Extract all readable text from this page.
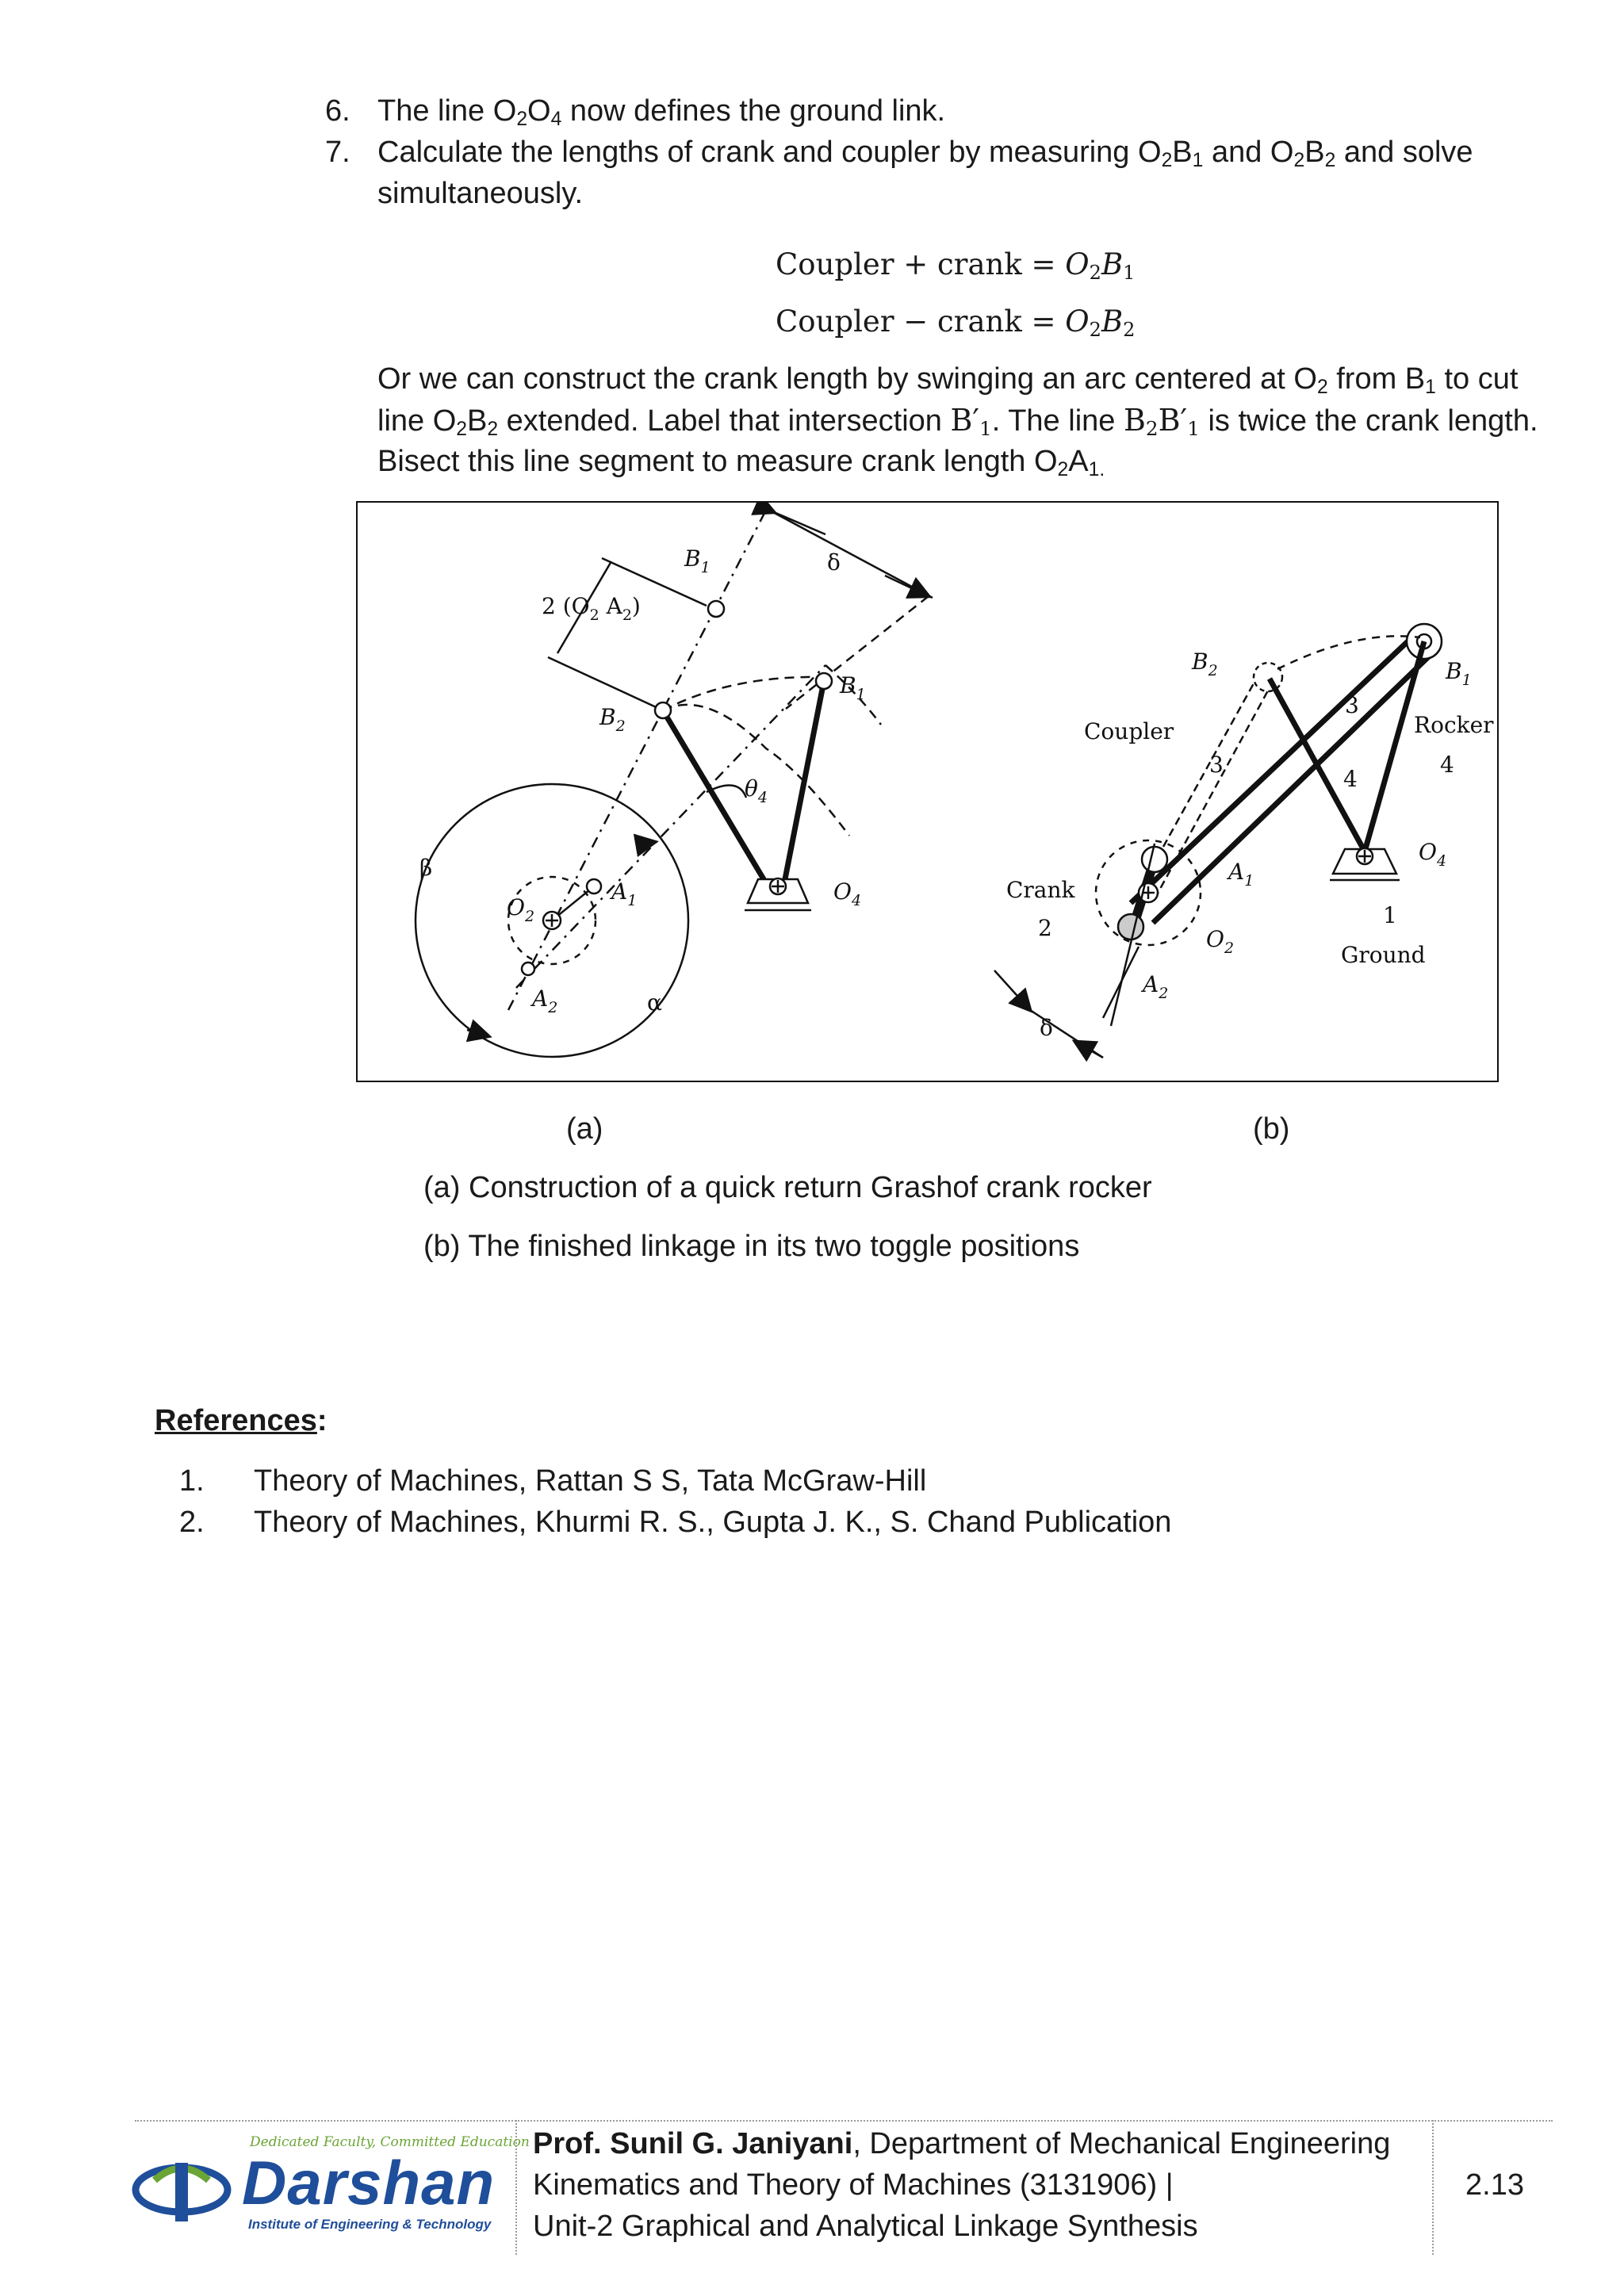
6. The line $O_2O_4$ now defines the ground link.
7. Calculate the lengths of crank and coupler by measuring $O_2B_1$ and $O_2B_2$ and solve
simultaneously.
Coupler + crank = $O_2B_1$
Coupler − crank = $O_2B_2$
Or we can construct the crank length by swinging an arc centered at $O_2$ from $B_1$ to cut
line $O_2B_2$ extended. Label that intersection $B'_1$. The line $B_2B'_1$ is twice the crank length.
Bisect this line segment to measure crank length $O_2A_{1.}$
$B_1$	δ
2 ($O_2$ $A_2$)
$B_2$
$B_1$
$\theta_4$
β
$O_2$
$A_1$	$O_4$
$A_2$	α
$B_2$	$B_1$
Coupler
3
3
Rocker
4
4
$O_4$
$A_1$
Crank
2	$O_2$
1
Ground
$A_2$
δ
(a)	(b)
(a) Construction of a quick return Grashof crank rocker
(b) The finished linkage in its two toggle positions
References:
1. Theory of Machines, Rattan S S, Tata McGraw-Hill
2. Theory of Machines, Khurmi R. S., Gupta J. K., S. Chand Publication
Dedicated Faculty, Committed Education
Darshan
Institute of Engineering & Technology
Prof. Sunil G. Janiyani, Department of Mechanical Engineering
Kinematics and Theory of Machines (3131906) |
Unit-2 Graphical and Analytical Linkage Synthesis
2.13
